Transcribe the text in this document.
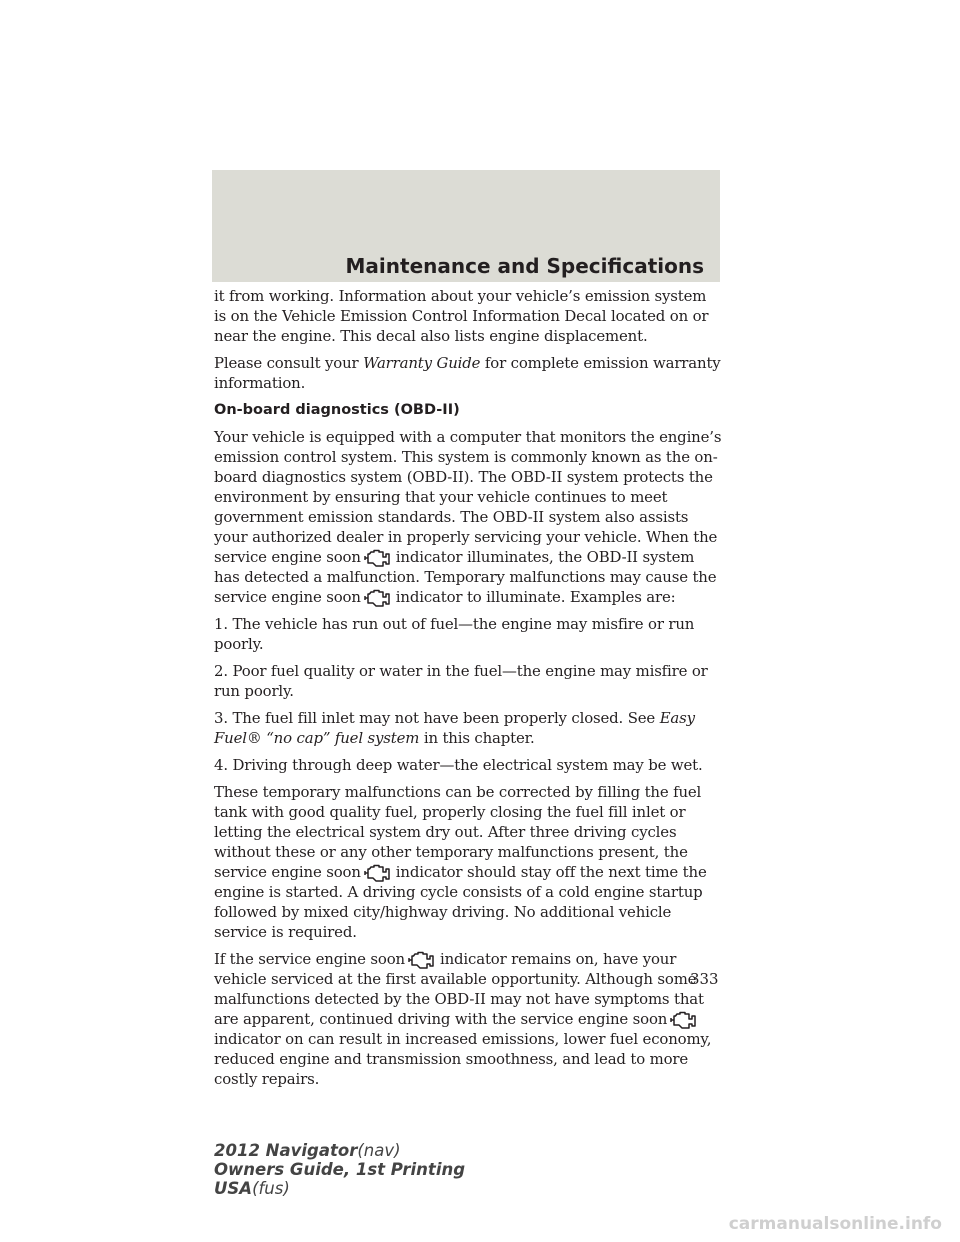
Maintenance and Specifications

it from working. Information about your vehicle’s emission system is on the Vehicle Emission Control Information Decal located on or near the engine. This decal also lists engine displacement.

Please consult your Warranty Guide for complete emission warranty information.

On-board diagnostics (OBD-II)

Your vehicle is equipped with a computer that monitors the engine’s emission control system. This system is commonly known as the on-board diagnostics system (OBD-II). The OBD-II system protects the environment by ensuring that your vehicle continues to meet government emission standards. The OBD-II system also assists your authorized dealer in properly servicing your vehicle. When the service engine soon indicator illuminates, the OBD-II system has detected a malfunction. Temporary malfunctions may cause the service engine soon indicator to illuminate. Examples are:

1. The vehicle has run out of fuel—the engine may misfire or run poorly.

2. Poor fuel quality or water in the fuel—the engine may misfire or run poorly.

3. The fuel fill inlet may not have been properly closed. See Easy Fuel® “no cap” fuel system in this chapter.

4. Driving through deep water—the electrical system may be wet.

These temporary malfunctions can be corrected by filling the fuel tank with good quality fuel, properly closing the fuel fill inlet or letting the electrical system dry out. After three driving cycles without these or any other temporary malfunctions present, the service engine soon indicator should stay off the next time the engine is started. A driving cycle consists of a cold engine startup followed by mixed city/highway driving. No additional vehicle service is required.

If the service engine soon indicator remains on, have your vehicle serviced at the first available opportunity. Although some malfunctions detected by the OBD-II may not have symptoms that are apparent, continued driving with the service engine soon
indicator on can result in increased emissions, lower fuel economy, reduced engine and transmission smoothness, and lead to more costly repairs.

333
2012 Navigator(nav)
Owners Guide, 1st Printing
USA(fus)
carmanualsonline.info
